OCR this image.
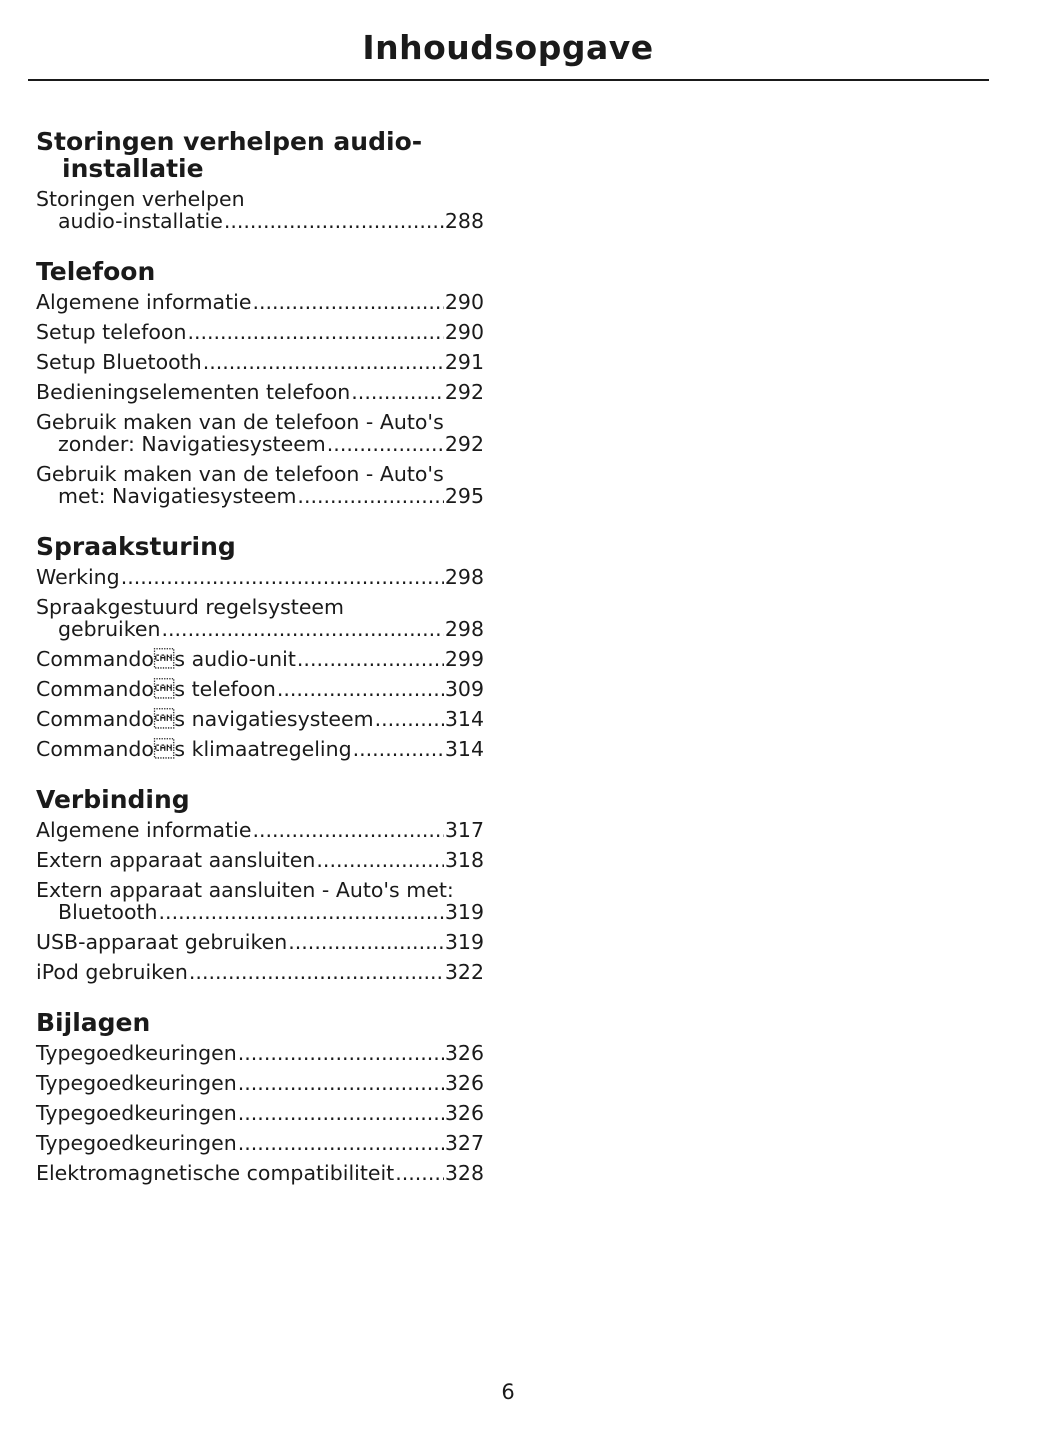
Inhoudsopgave
Storingen verhelpen audio-installatie
Storingen verhelpen
audio-installatie .....	288
Telefoon
Algemene informatie .....	290
Setup telefoon .....	290
Setup Bluetooth .....	291
Bedieningselementen telefoon .....	292
Gebruik maken van de telefoon - Auto's
zonder: Navigatiesysteem .....	292
Gebruik maken van de telefoon - Auto's
met: Navigatiesysteem .....	295
Spraaksturing
Werking .....	298
Spraakgestuurd regelsysteem
gebruiken .....	298
Commandos audio-unit .....	299
Commandos telefoon .....	309
Commandos navigatiesysteem .....	314
Commandos klimaatregeling .....	314
Verbinding
Algemene informatie .....	317
Extern apparaat aansluiten .....	318
Extern apparaat aansluiten - Auto's met:
Bluetooth .....	319
USB-apparaat gebruiken .....	319
iPod gebruiken .....	322
Bijlagen
Typegoedkeuringen .....	326
Typegoedkeuringen .....	326
Typegoedkeuringen .....	326
Typegoedkeuringen .....	327
Elektromagnetische compatibiliteit ..... 328
6
